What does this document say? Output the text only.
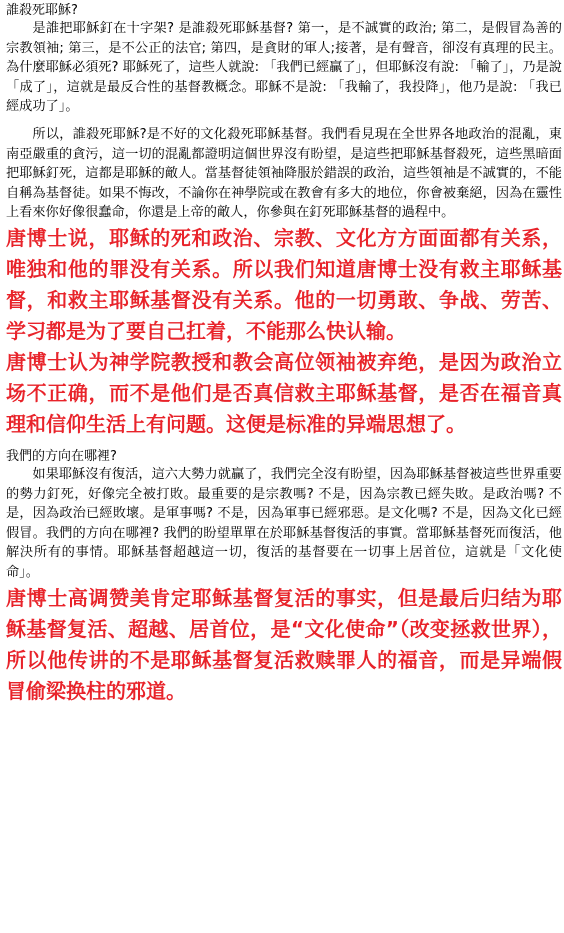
誰殺死耶穌?

是誰把耶穌釘在十字架? 是誰殺死耶穌基督? 第一，是不誠實的政治; 第二，是假冒為善的宗教領袖; 第三，是不公正的法官; 第四，是貪財的軍人;接著，是有聲音，卻沒有真理的民主。為什麼耶穌必須死? 耶穌死了，這些人就說: 「我們已經贏了」，但耶穌沒有說: 「輸了」，乃是說「成了」，這就是最反合性的基督教概念。耶穌不是說: 「我輸了，我投降」，他乃是說: 「我已經成功了」。

所以，誰殺死耶穌?是不好的文化殺死耶穌基督。我們看見現在全世界各地政治的混亂，東南亞嚴重的貪污，這一切的混亂都證明這個世界沒有盼望，是這些把耶穌基督殺死，這些黑暗面把耶穌釘死，這都是耶穌的敵人。當基督徒領袖降服於錯誤的政治，這些領袖是不誠實的，不能自稱為基督徒。如果不悔改，不論你在神學院或在教會有多大的地位，你會被棄絕，因為在靈性上看來你好像很蠢命，你還是上帝的敵人，你參與在釘死耶穌基督的過程中。

唐博士说，耶稣的死和政治、宗教、文化方方面面都有关系，唯独和他的罪没有关系。所以我们知道唐博士没有救主耶稣基督，和救主耶稣基督没有关系。他的一切勇敢、争战、劳苦、学习都是为了要自己扛着，不能那么快认输。

唐博士认为神学院教授和教会高位领袖被弃绝，是因为政治立场不正确，而不是他们是否真信救主耶稣基督，是否在福音真理和信仰生活上有问题。这便是标准的异端思想了。

我們的方向在哪裡?

如果耶穌沒有復活，這六大勢力就贏了，我們完全沒有盼望，因為耶穌基督被這些世界重要的勢力釘死，好像完全被打敗。最重要的是宗教嗎? 不是，因為宗教已經失敗。是政治嗎? 不是，因為政治已經敗壞。是軍事嗎? 不是，因為軍事已經邪惡。是文化嗎? 不是，因為文化已經假冒。我們的方向在哪裡? 我們的盼望單單在於耶穌基督復活的事實。當耶穌基督死而復活，他解決所有的事情。耶穌基督超越這一切，復活的基督要在一切事上居首位，這就是「文化使命」。

唐博士高调赞美肯定耶稣基督复活的事实，但是最后归结为耶稣基督复活、超越、居首位，是“文化使命”（改变拯救世界），所以他传讲的不是耶稣基督复活救赎罪人的福音，而是异端假冒偷梁换柱的邪道。
